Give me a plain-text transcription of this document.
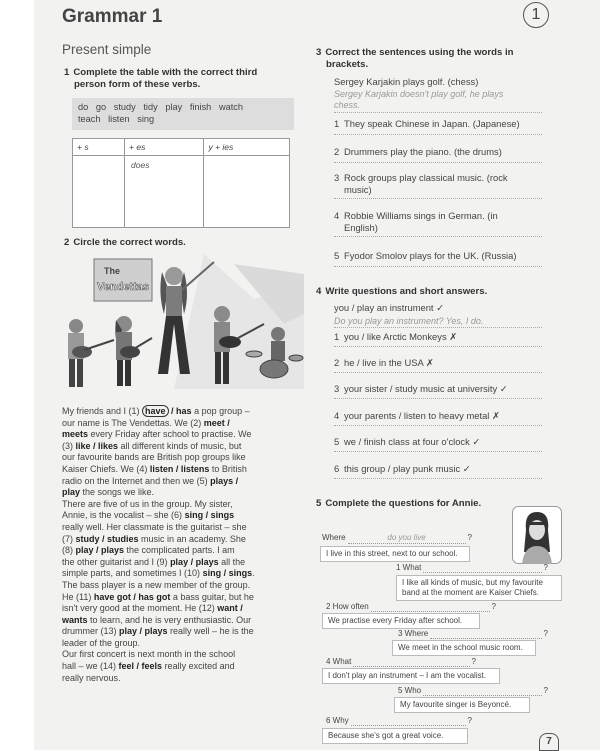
Grammar 1	1
Present simple
1 Complete the table with the correct third
person form of these verbs.
do   go   study   tidy   play   finish   watch
teach   listen   sing
+ s	+ es	y + ies
	does	
2 Circle the correct words.
The
Vendettas
My friends and I (1) have / has a pop group –
our name is The Vendettas. We (2) meet /
meets every Friday after school to practise. We
(3) like / likes all different kinds of music, but
our favourite bands are British pop groups like
Kaiser Chiefs. We (4) listen / listens to British
radio on the Internet and then we (5) plays /
play the songs we like.
There are five of us in the group. My sister,
Annie, is the vocalist – she (6) sing / sings
really well. Her classmate is the guitarist – she
(7) study / studies music in an academy. She
(8) play / plays the complicated parts. I am
the other guitarist and I (9) play / plays all the
simple parts, and sometimes I (10) sing / sings.
The bass player is a new member of the group.
He (11) have got / has got a bass guitar, but he
isn't very good at the moment. He (12) want /
wants to learn, and he is very enthusiastic. Our
drummer (13) play / plays really well – he is the
leader of the group.
Our first concert is next month in the school
hall – we (14) feel / feels really excited and
really nervous.
3 Correct the sentences using the words in
brackets.
Sergey Karjakin plays golf. (chess)
Sergey Karjakin doesn't play golf, he plays
chess.
1 They speak Chinese in Japan. (Japanese)
2 Drummers play the piano. (the drums)
3 Rock groups play classical music. (rock
music)
4 Robbie Williams sings in German. (in
English)
5 Fyodor Smolov plays for the UK. (Russia)
4 Write questions and short answers.
you / play an instrument ✓
Do you play an instrument? Yes, I do.
1 you / like Arctic Monkeys ✗
2 he / live in the USA ✗
3 your sister / study music at university ✓
4 your parents / listen to heavy metal ✗
5 we / finish class at four o'clock ✓
6 this group / play punk music ✓
5 Complete the questions for Annie.
Where	do you live	?
I live in this street, next to our school.
1 What	?
I like all kinds of music, but my favourite
band at the moment are Kaiser Chiefs.
2 How often	?
We practise every Friday after school.
3 Where	?
We meet in the school music room.
4 What	?
I don't play an instrument – I am the vocalist.
5 Who	?
My favourite singer is Beyoncé.
6 Why	?
Because she's got a great voice.
7
